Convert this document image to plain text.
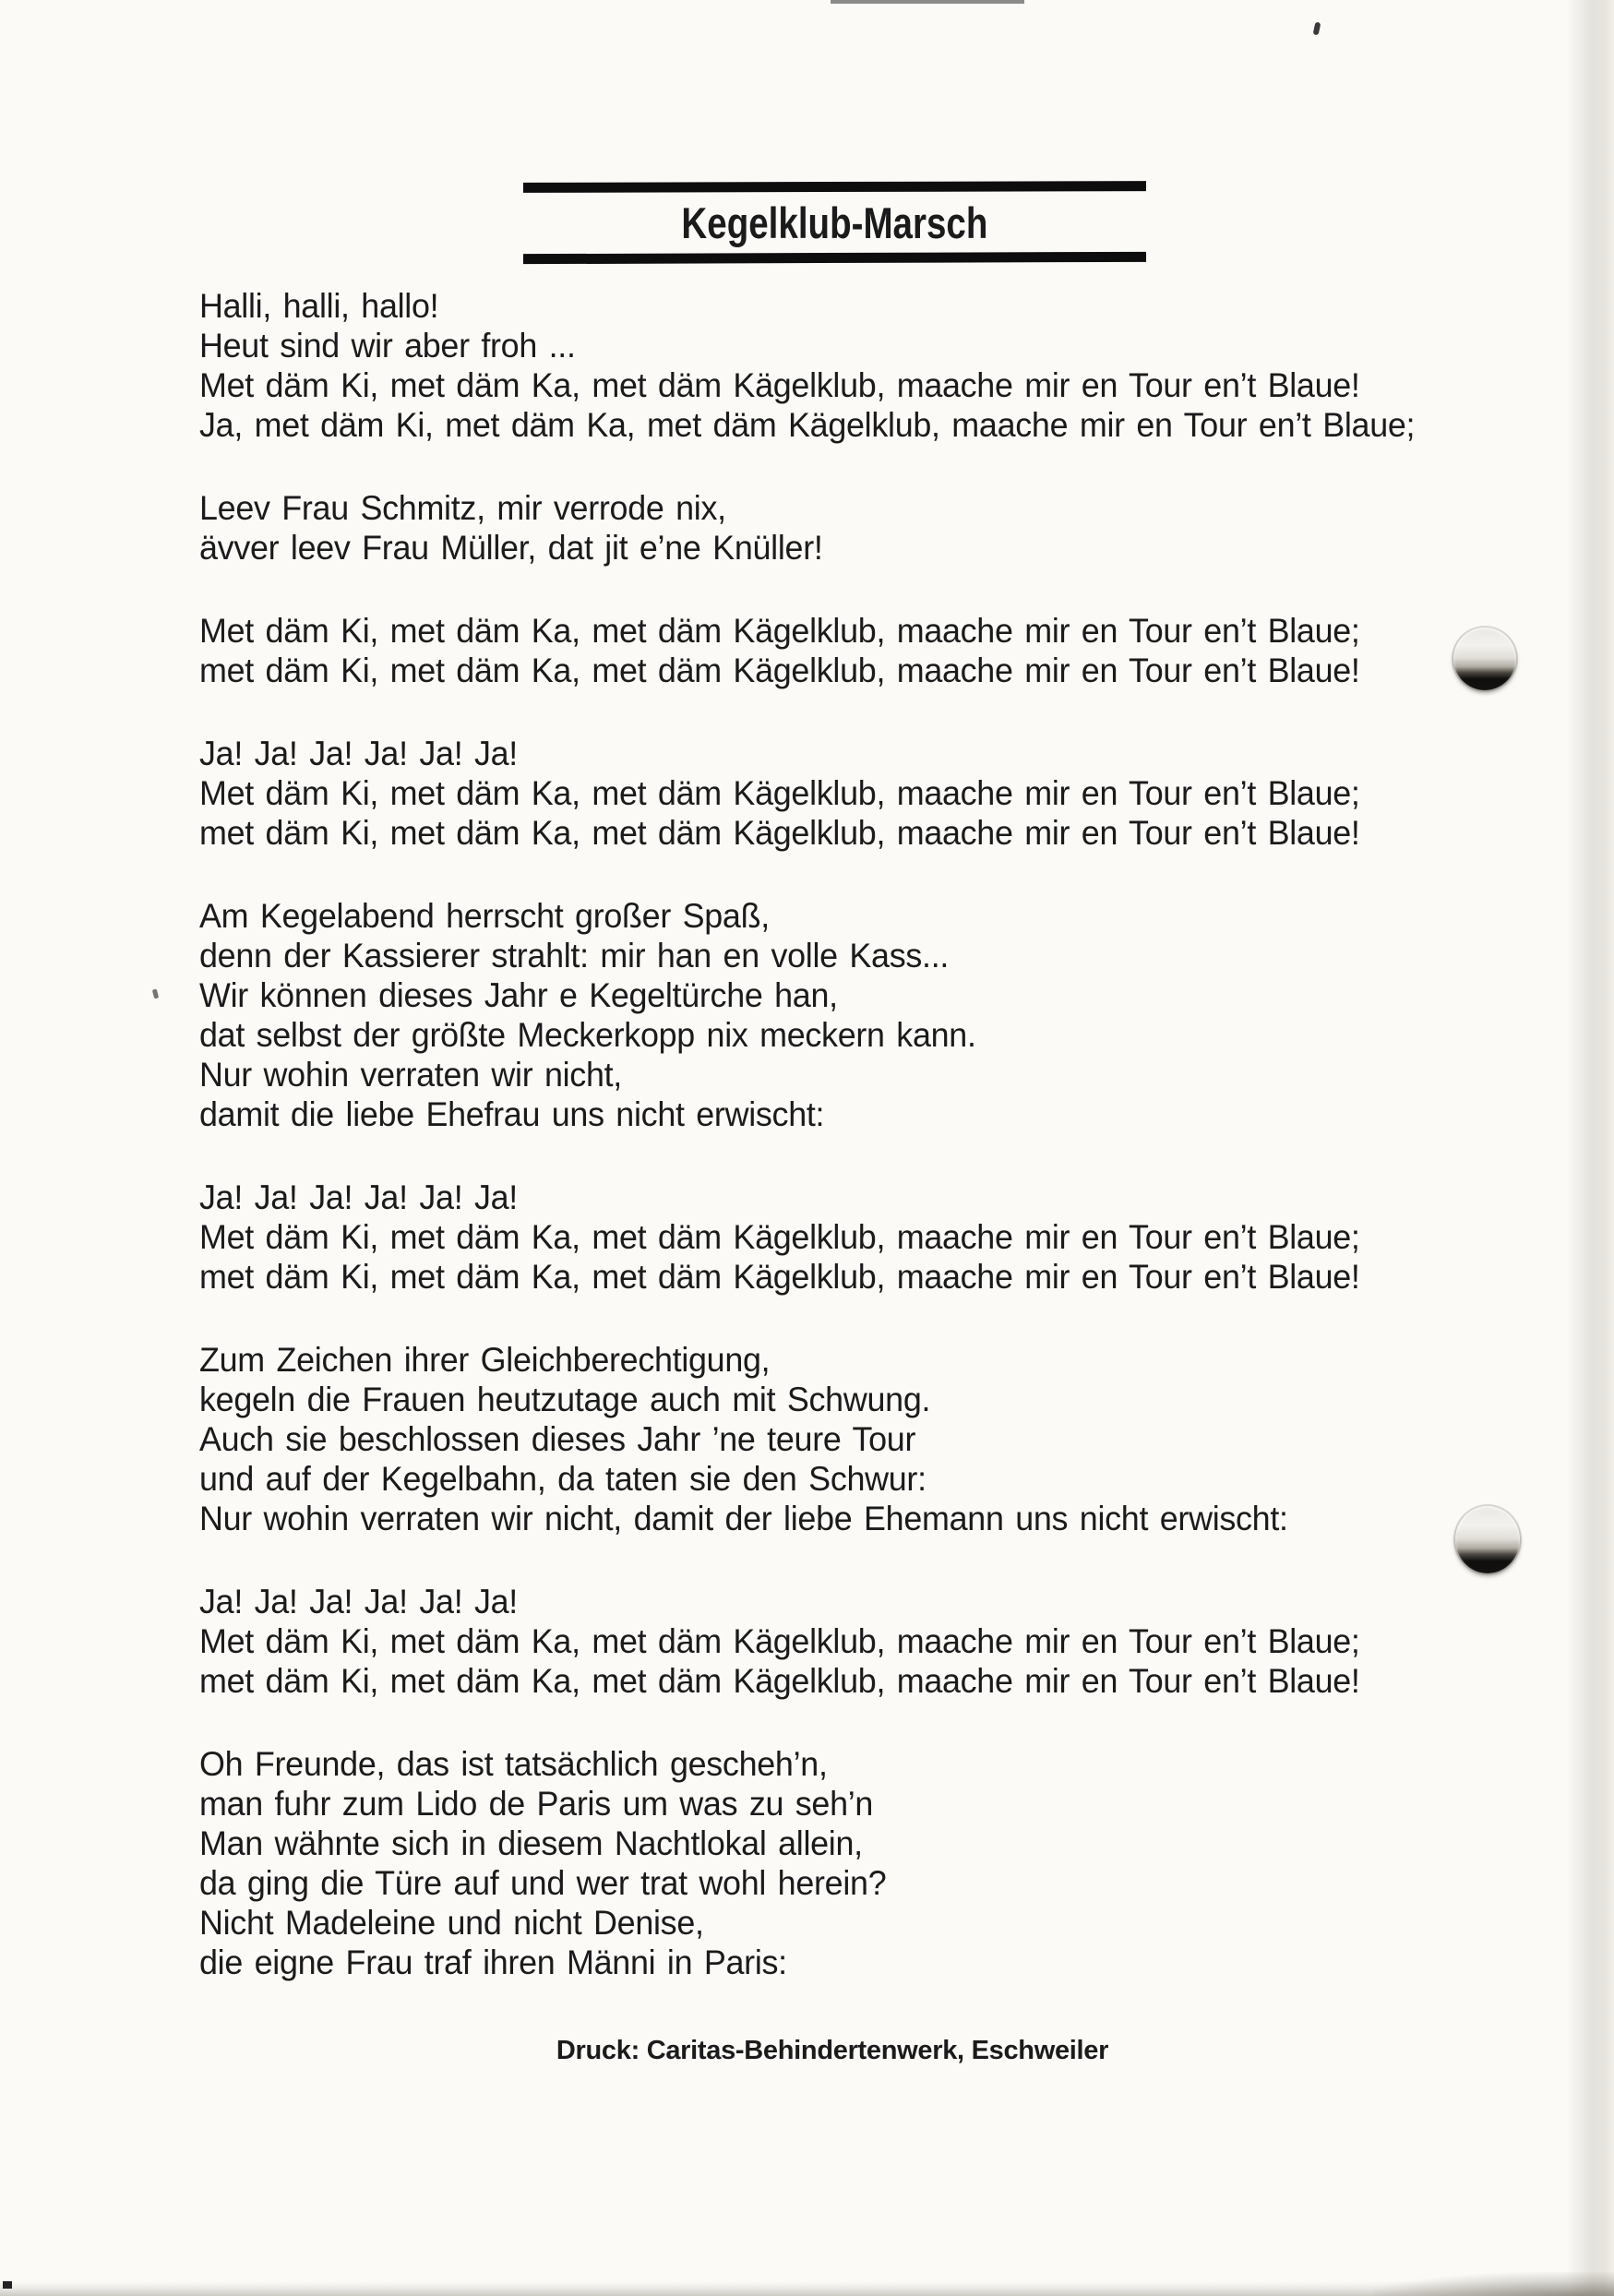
Kegelklub-Marsch

Halli, halli, hallo!

Heut sind wir aber froh ...

Met däm Ki, met däm Ka, met däm Kägelklub, maache mir en Tour en’t Blaue!

Ja, met däm Ki, met däm Ka, met däm Kägelklub, maache mir en Tour en’t Blaue;

Leev Frau Schmitz, mir verrode nix,

ävver leev Frau Müller, dat jit e’ne Knüller!

Met däm Ki, met däm Ka, met däm Kägelklub, maache mir en Tour en’t Blaue;

met däm Ki, met däm Ka, met däm Kägelklub, maache mir en Tour en’t Blaue!

Ja! Ja! Ja! Ja! Ja! Ja!

Met däm Ki, met däm Ka, met däm Kägelklub, maache mir en Tour en’t Blaue;

met däm Ki, met däm Ka, met däm Kägelklub, maache mir en Tour en’t Blaue!

Am Kegelabend herrscht großer Spaß,

denn der Kassierer strahlt: mir han en volle Kass...

Wir können dieses Jahr e Kegeltürche han,

dat selbst der größte Meckerkopp nix meckern kann.

Nur wohin verraten wir nicht,

damit die liebe Ehefrau uns nicht erwischt:

Ja! Ja! Ja! Ja! Ja! Ja!

Met däm Ki, met däm Ka, met däm Kägelklub, maache mir en Tour en’t Blaue;

met däm Ki, met däm Ka, met däm Kägelklub, maache mir en Tour en’t Blaue!

Zum Zeichen ihrer Gleichberechtigung,

kegeln die Frauen heutzutage auch mit Schwung.

Auch sie beschlossen dieses Jahr ’ne teure Tour

und auf der Kegelbahn, da taten sie den Schwur:

Nur wohin verraten wir nicht, damit der liebe Ehemann uns nicht erwischt:

Ja! Ja! Ja! Ja! Ja! Ja!

Met däm Ki, met däm Ka, met däm Kägelklub, maache mir en Tour en’t Blaue;

met däm Ki, met däm Ka, met däm Kägelklub, maache mir en Tour en’t Blaue!

Oh Freunde, das ist tatsächlich gescheh’n,

man fuhr zum Lido de Paris um was zu seh’n

Man wähnte sich in diesem Nachtlokal allein,

da ging die Türe auf und wer trat wohl herein?

Nicht Madeleine und nicht Denise,

die eigne Frau traf ihren Männi in Paris:

Druck: Caritas-Behindertenwerk, Eschweiler
